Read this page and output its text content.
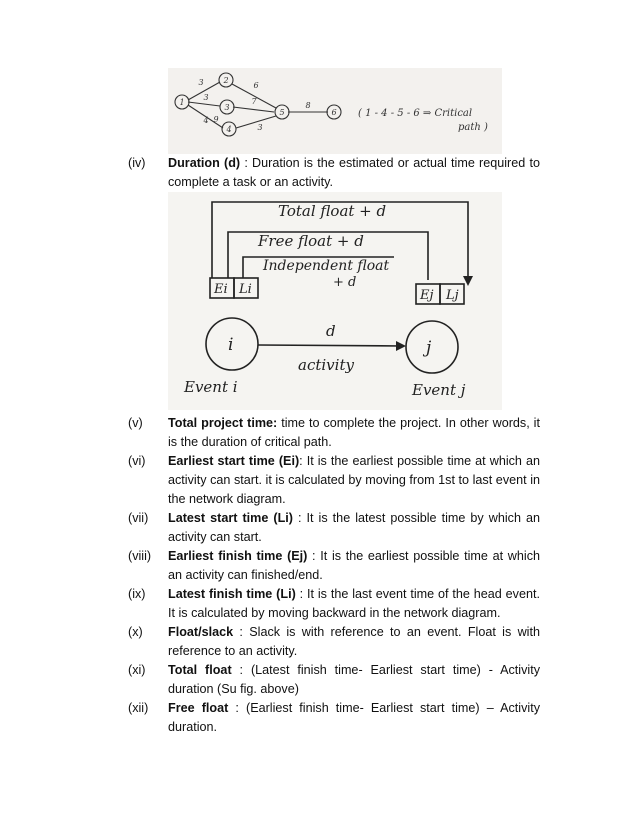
1
2
3
4
5	6
3	6
3	7
4 9
3
8
( 1 - 4 - 5 - 6 ⇒ Critical
path )
(iv)	Duration (d) : Duration is the estimated or actual time required to complete a task or an activity.
Total float + d
Free float + d
Independent float
+ d
Ei Li	Ej Lj
i	j
d
activity
Event i	Event j
(v)	Total project time: time to complete the project. In other words, it is the duration of critical path.
(vi)	Earliest start time (Ei): It is the earliest possible time at which an activity can start. it is calculated by moving from 1st to last event in the network diagram.
(vii)	Latest start time (Li) : It is the latest possible time by which an activity can start.
(viii)	Earliest finish time (Ej) : It is the earliest possible time at which an activity can finished/end.
(ix)	Latest finish time (Li) : It is the last event time of the head event. It is calculated by moving backward in the network diagram.
(x)	Float/slack : Slack is with reference to an event. Float is with reference to an activity.
(xi)	Total float : (Latest finish time- Earliest start time) - Activity duration (Su fig. above)
(xii)	Free float : (Earliest finish time- Earliest start time) – Activity duration.
